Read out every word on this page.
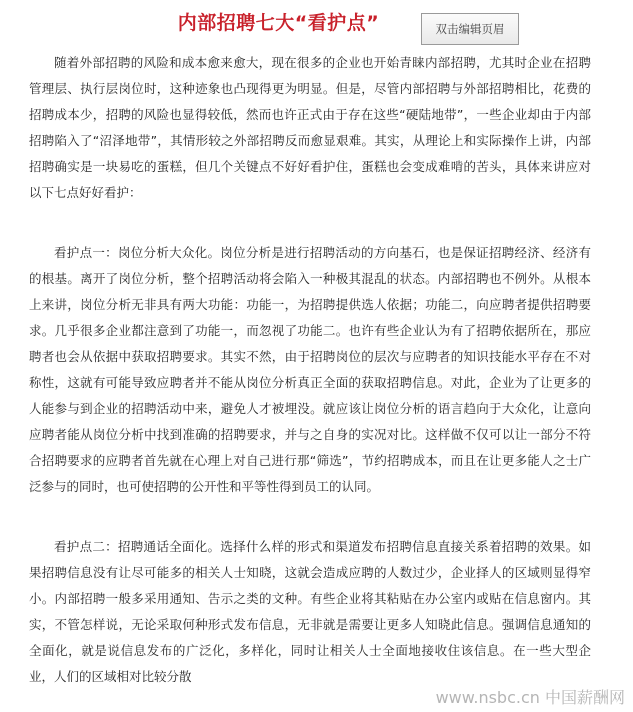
内部招聘七大“看护点”	双击编辑页眉

随着外部招聘的风险和成本愈来愈大，现在很多的企业也开始青睐内部招聘，尤其时企业在招聘管理层、执行层岗位时，这种迹象也凸现得更为明显。但是，尽管内部招聘与外部招聘相比，花费的招聘成本少，招聘的风险也显得较低，然而也许正式由于存在这些“硬陆地带”，一些企业却由于内部招聘陷入了“沼泽地带”，其情形较之外部招聘反而愈显艰难。其实，从理论上和实际操作上讲，内部招聘确实是一块易吃的蛋糕，但几个关键点不好好看护住，蛋糕也会变成难啃的苦头，具体来讲应对以下七点好好看护：

看护点一：岗位分析大众化。岗位分析是进行招聘活动的方向基石，也是保证招聘经济、经济有的根基。离开了岗位分析，整个招聘活动将会陷入一种极其混乱的状态。内部招聘也不例外。从根本上来讲，岗位分析无非具有两大功能：功能一，为招聘提供选人依据；功能二，向应聘者提供招聘要求。几乎很多企业都注意到了功能一，而忽视了功能二。也许有些企业认为有了招聘依据所在，那应聘者也会从依据中获取招聘要求。其实不然，由于招聘岗位的层次与应聘者的知识技能水平存在不对称性，这就有可能导致应聘者并不能从岗位分析真正全面的获取招聘信息。对此，企业为了让更多的人能参与到企业的招聘活动中来，避免人才被埋没。就应该让岗位分析的语言趋向于大众化，让意向应聘者能从岗位分析中找到准确的招聘要求，并与之自身的实况对比。这样做不仅可以让一部分不符合招聘要求的应聘者首先就在心理上对自己进行那“筛选”，节约招聘成本，而且在让更多能人之士广泛参与的同时，也可使招聘的公开性和平等性得到员工的认同。

看护点二：招聘通话全面化。选择什么样的形式和渠道发布招聘信息直接关系着招聘的效果。如果招聘信息没有让尽可能多的相关人士知晓，这就会造成应聘的人数过少，企业择人的区域则显得窄小。内部招聘一般多采用通知、告示之类的文种。有些企业将其粘贴在办公室内或贴在信息窗内。其实，不管怎样说，无论采取何种形式发布信息，无非就是需要让更多人知晓此信息。强调信息通知的全面化，就是说信息发布的广泛化，多样化，同时让相关人士全面地接收住该信息。在一些大型企业，人们的区域相对比较分散

www.nsbc.cn 中国薪酬网
